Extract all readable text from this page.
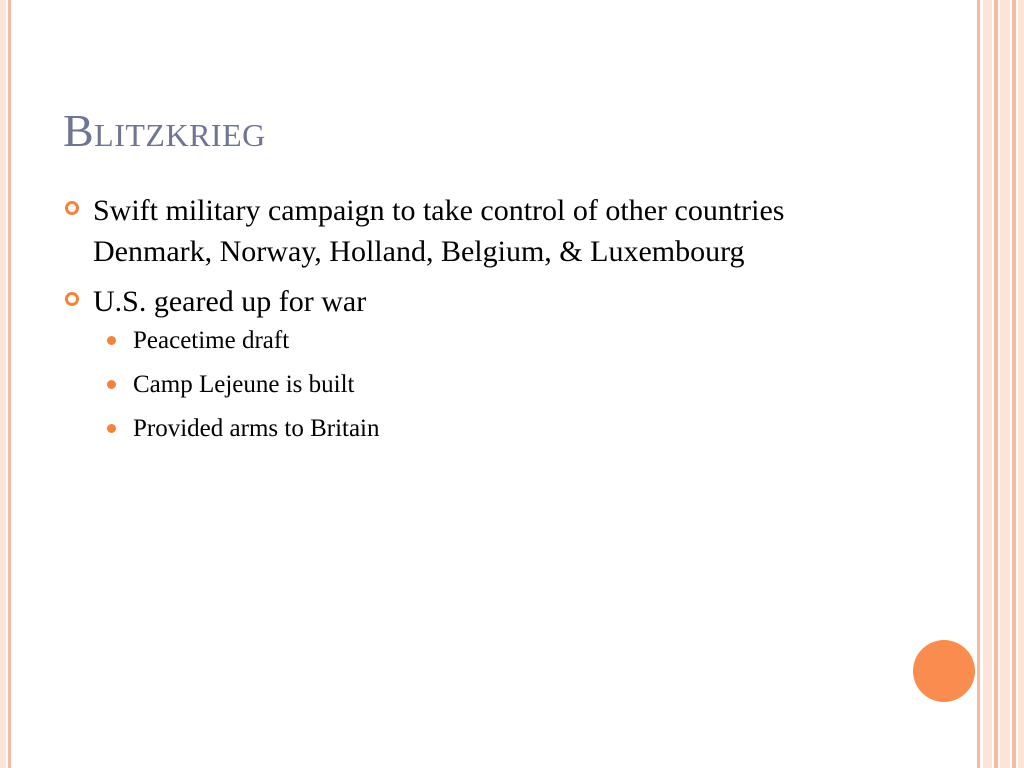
Blitzkrieg
Swift military campaign to take control of other countries Denmark, Norway, Holland, Belgium, & Luxembourg
U.S. geared up for war
Peacetime draft
Camp Lejeune is built
Provided arms to Britain
